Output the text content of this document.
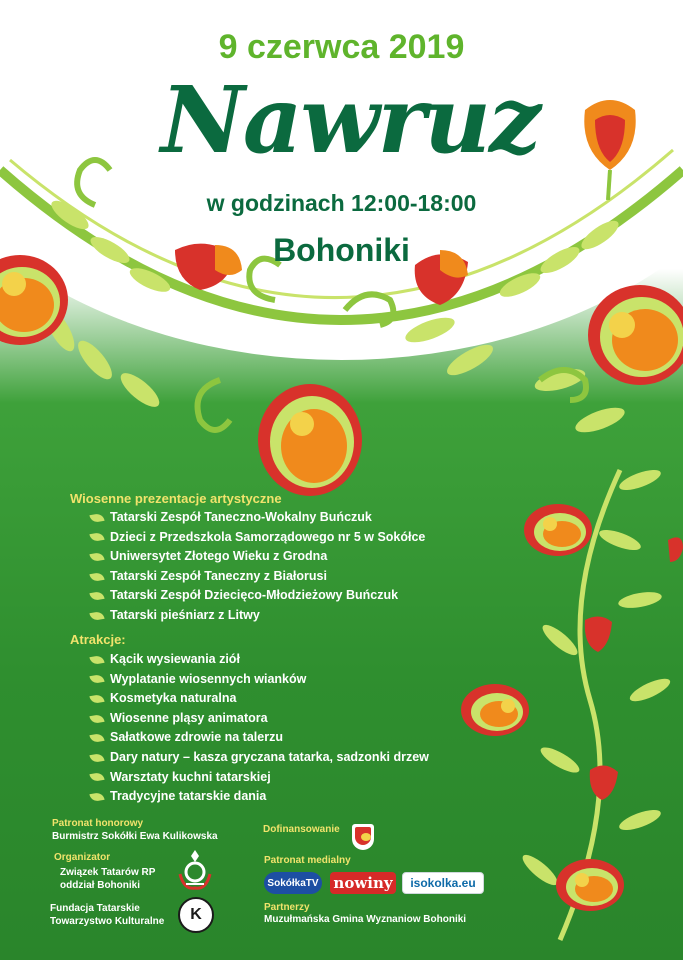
9 czerwca 2019
Nawruz
w godzinach 12:00-18:00
Bohoniki
Wiosenne prezentacje artystyczne
Tatarski Zespół Taneczno-Wokalny Buńczuk
Dzieci z Przedszkola Samorządowego nr 5 w Sokółce
Uniwersytet Złotego Wieku z Grodna
Tatarski Zespół Taneczny z Białorusi
Tatarski Zespół Dziecięco-Młodzieżowy Buńczuk
Tatarski pieśniarz z Litwy
Atrakcje:
Kącik wysiewania ziół
Wyplatanie wiosennych wianków
Kosmetyka naturalna
Wiosenne pląsy animatora
Sałatkowe zdrowie na talerzu
Dary natury – kasza gryczana tatarka, sadzonki drzew
Warsztaty kuchni tatarskiej
Tradycyjne tatarskie dania
Patronat honorowy
Burmistrz Sokółki Ewa Kulikowska
Organizator
Związek Tatarów RP oddział Bohoniki
Fundacja Tatarskie Towarzystwo Kulturalne	K
Dofinansowanie
Patronat medialny
SokółkaTV nowiny	isokolka.eu
Partnerzy
Muzułmańska Gmina Wyznaniow Bohoniki
